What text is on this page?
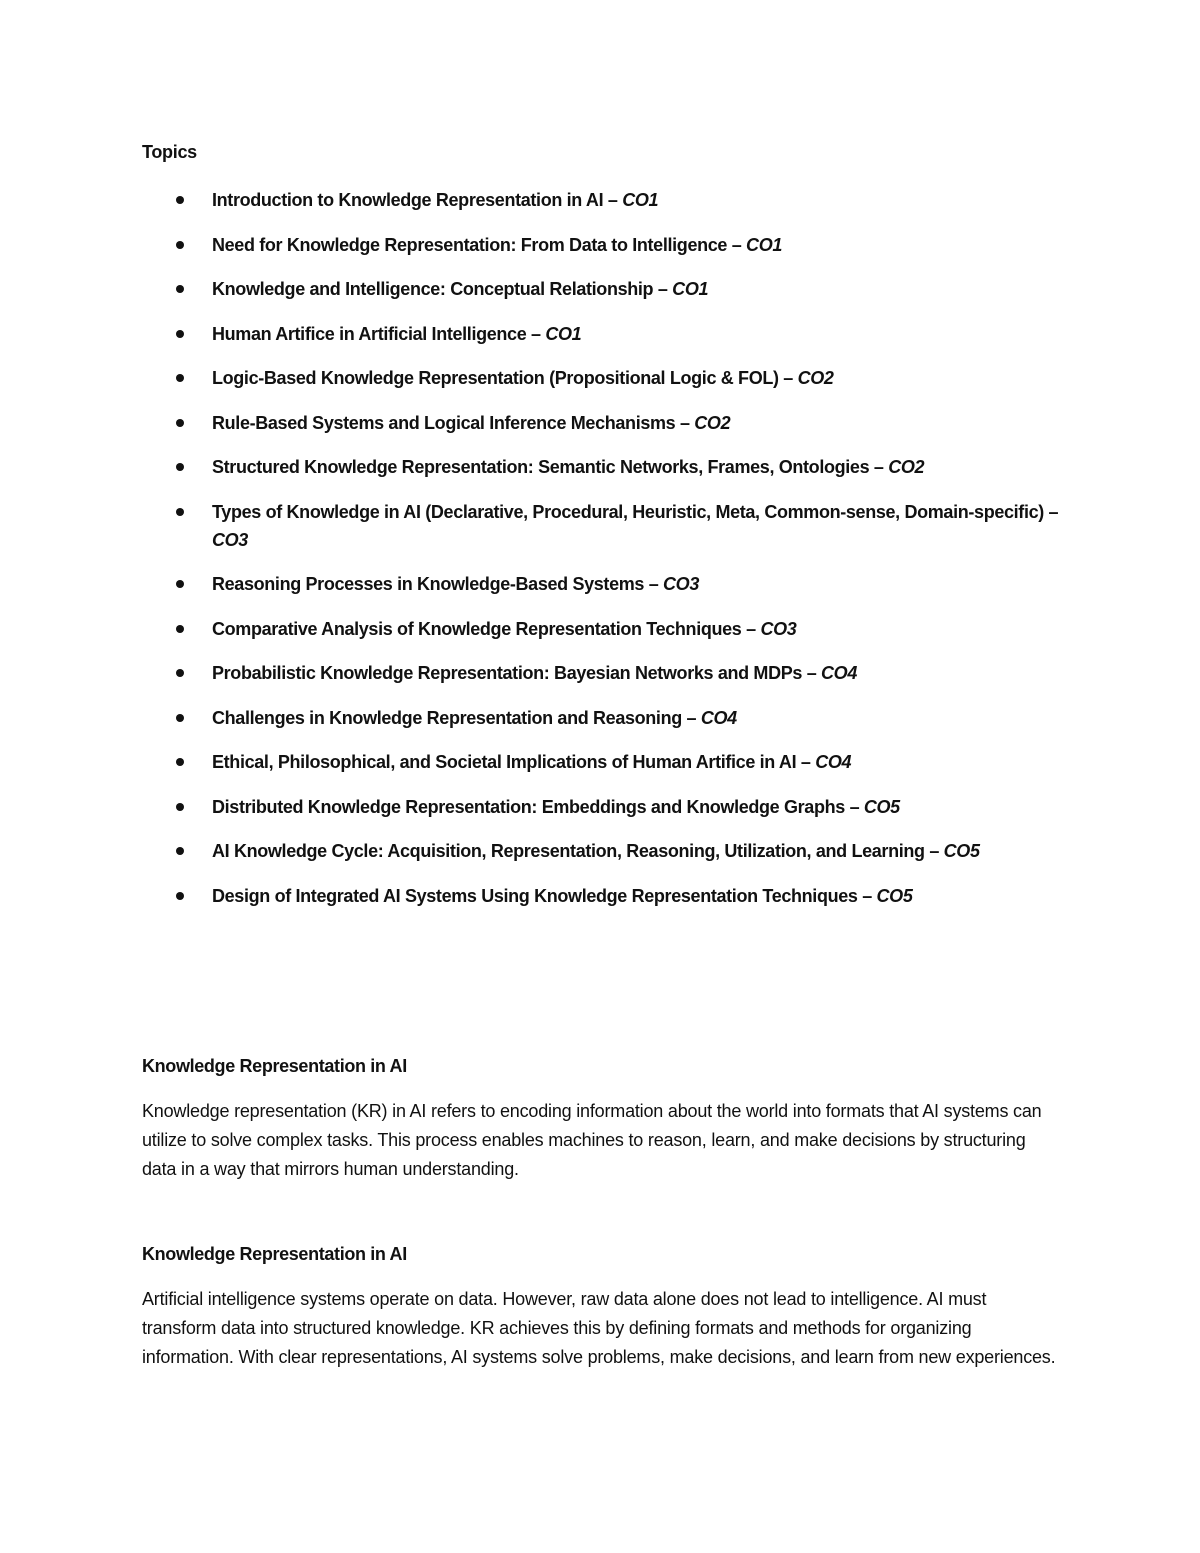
Topics
Introduction to Knowledge Representation in AI – CO1
Need for Knowledge Representation: From Data to Intelligence – CO1
Knowledge and Intelligence: Conceptual Relationship – CO1
Human Artifice in Artificial Intelligence – CO1
Logic-Based Knowledge Representation (Propositional Logic & FOL) – CO2
Rule-Based Systems and Logical Inference Mechanisms – CO2
Structured Knowledge Representation: Semantic Networks, Frames, Ontologies – CO2
Types of Knowledge in AI (Declarative, Procedural, Heuristic, Meta, Common-sense, Domain-specific) – CO3
Reasoning Processes in Knowledge-Based Systems – CO3
Comparative Analysis of Knowledge Representation Techniques – CO3
Probabilistic Knowledge Representation: Bayesian Networks and MDPs – CO4
Challenges in Knowledge Representation and Reasoning – CO4
Ethical, Philosophical, and Societal Implications of Human Artifice in AI – CO4
Distributed Knowledge Representation: Embeddings and Knowledge Graphs – CO5
AI Knowledge Cycle: Acquisition, Representation, Reasoning, Utilization, and Learning – CO5
Design of Integrated AI Systems Using Knowledge Representation Techniques – CO5
Knowledge Representation in AI

Knowledge representation (KR) in AI refers to encoding information about the world into formats that AI systems can utilize to solve complex tasks. This process enables machines to reason, learn, and make decisions by structuring data in a way that mirrors human understanding.

Knowledge Representation in AI

Artificial intelligence systems operate on data. However, raw data alone does not lead to intelligence. AI must transform data into structured knowledge. KR achieves this by defining formats and methods for organizing information. With clear representations, AI systems solve problems, make decisions, and learn from new experiences.
